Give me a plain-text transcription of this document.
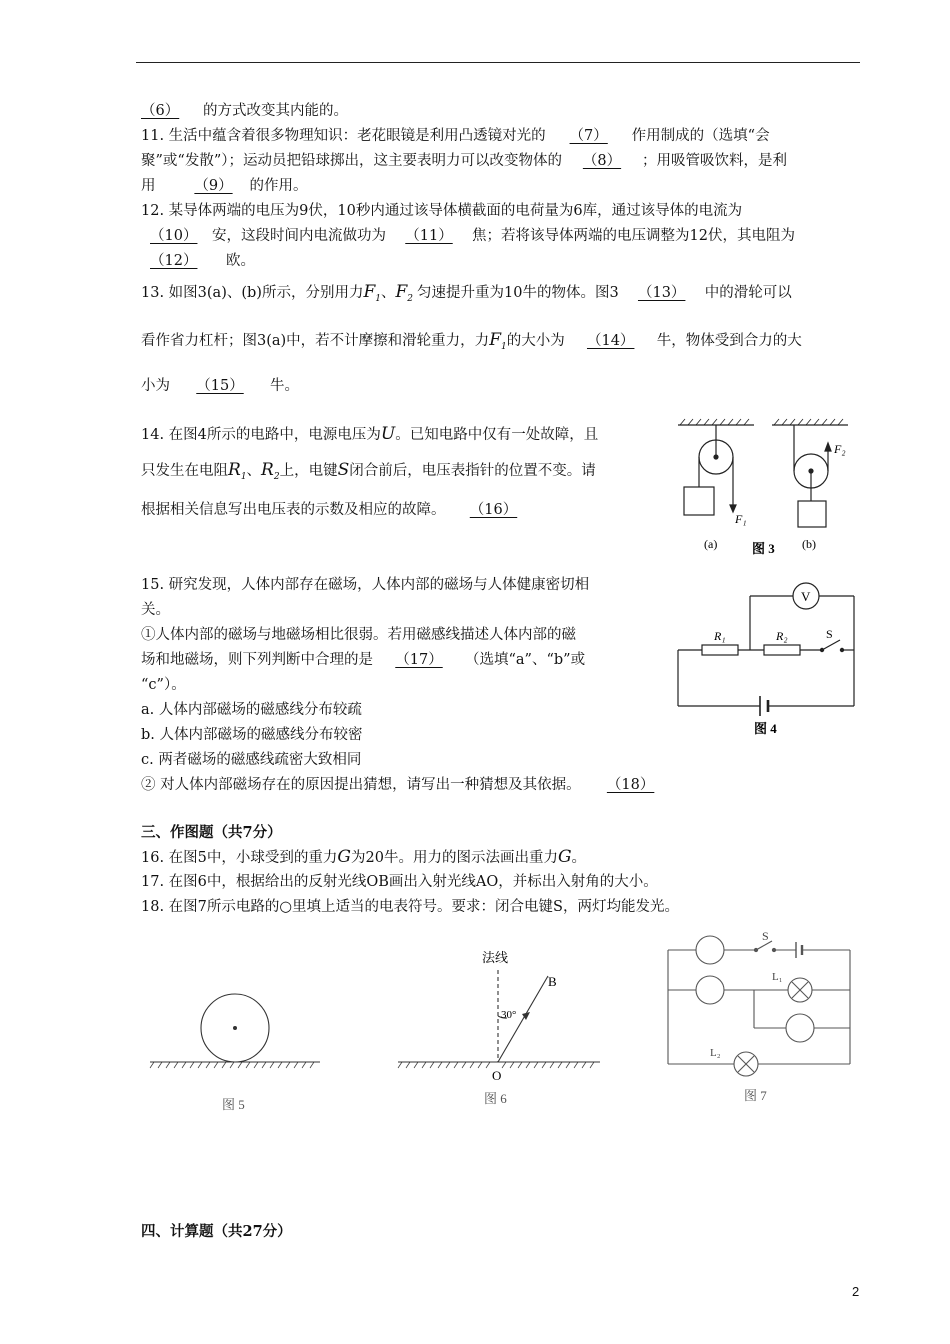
（6） 的方式改变其内能的。
11. 生活中蕴含着很多物理知识：老花眼镜是利用凸透镜对光的 （7） 作用制成的（选填“会
聚”或“发散”）；运动员把铅球掷出，这主要表明力可以改变物体的 （8） ；用吸管吸饮料，是利
用	（9） 的作用。
12. 某导体两端的电压为9伏，10秒内通过该导体横截面的电荷量为6库，通过该导体的电流为
（10） 安，这段时间内电流做功为 （11） 焦；若将该导体两端的电压调整为12伏，其电阻为
（12） 欧。
13. 如图3(a)、(b)所示，分别用力$F_1$、$F_2$ 匀速提升重为10牛的物体。图3 （13） 中的滑轮可以
看作省力杠杆；图3(a)中，若不计摩擦和滑轮重力，力$F_1$的大小为 （14） 牛，物体受到合力的大
小为 （15） 牛。
14. 在图4所示的电路中，电源电压为U。已知电路中仅有一处故障，且
只发生在电阻$R_1$、$R_2$上，电键S闭合前后，电压表指针的位置不变。请
根据相关信息写出电压表的示数及相应的故障。 （16）
15. 研究发现，人体内部存在磁场，人体内部的磁场与人体健康密切相
关。
①人体内部的磁场与地磁场相比很弱。若用磁感线描述人体内部的磁
场和地磁场，则下列判断中合理的是 （17） （选填“a”、“b”或
“c”）。
a. 人体内部磁场的磁感线分布较疏
b. 人体内部磁场的磁感线分布较密
c. 两者磁场的磁感线疏密大致相同
② 对人体内部磁场存在的原因提出猜想，请写出一种猜想及其依据。 （18）
三、作图题（共7分）
16. 在图5中，小球受到的重力G为20牛。用力的图示法画出重力G。
17. 在图6中，根据给出的反射光线OB画出入射光线AO，并标出入射角的大小。
18. 在图7所示电路的○里填上适当的电表符号。要求：闭合电键S，两灯均能发光。
四、计算题（共27分）
2
F₁
F₂
(a)	图 3 (b)
V
R₁	R₂	S
图 4
图 5
法线
30°
B
O
图 6
S
L₁
L₂
图 7
